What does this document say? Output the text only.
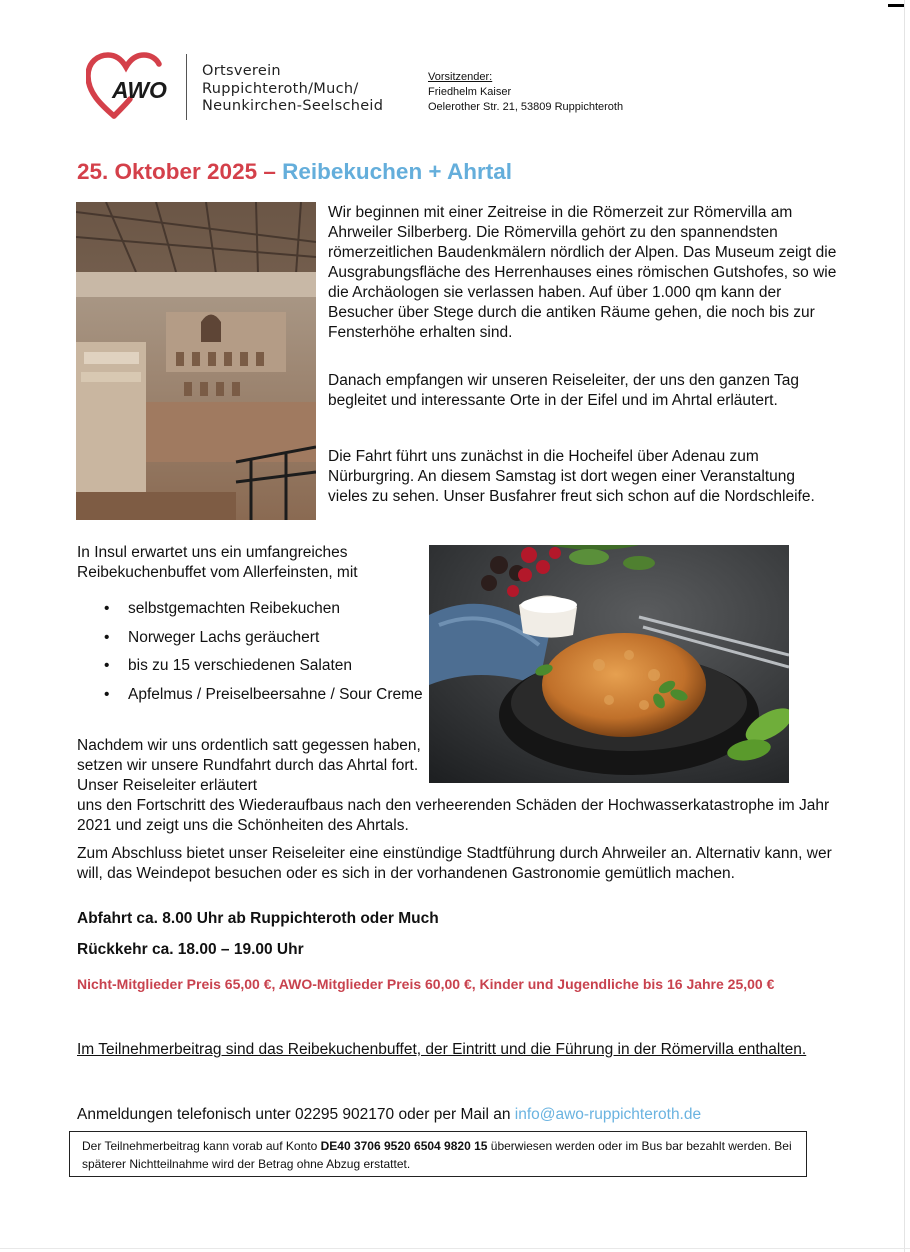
AWO
Ortsverein
Ruppichteroth/Much/
Neunkirchen-Seelscheid
Vorsitzender:
Friedhelm Kaiser
Oelerother Str. 21, 53809 Ruppichteroth
25. Oktober 2025 – Reibekuchen + Ahrtal

Wir beginnen mit einer Zeitreise in die Römerzeit zur Römervilla am Ahrweiler Silberberg. Die Römervilla gehört zu den spannendsten römerzeitlichen Baudenkmälern nördlich der Alpen. Das Museum zeigt die Ausgrabungsfläche des Herrenhauses eines römischen Gutshofes, so wie die Archäologen sie verlassen haben. Auf über 1.000 qm kann der Besucher über Stege durch die antiken Räume gehen, die noch bis zur Fensterhöhe erhalten sind.

Danach empfangen wir unseren Reiseleiter, der uns den ganzen Tag begleitet und interessante Orte in der Eifel und im Ahrtal erläutert.

Die Fahrt führt uns zunächst in die Hocheifel über Adenau zum Nürburgring. An diesem Samstag ist dort wegen einer Veranstaltung vieles zu sehen. Unser Busfahrer freut sich schon auf die Nordschleife.

In Insul erwartet uns ein umfangreiches Reibekuchenbuffet vom Allerfeinsten, mit

• selbstgemachten Reibekuchen
• Norweger Lachs geräuchert
• bis zu 15 verschiedenen Salaten
• Apfelmus / Preiselbeersahne / Sour Creme

Nachdem wir uns ordentlich satt gegessen haben, setzen wir unsere Rundfahrt durch das Ahrtal fort. Unser Reiseleiter erläutert

uns den Fortschritt des Wiederaufbaus nach den verheerenden Schäden der Hochwasserkatastrophe im Jahr 2021 und zeigt uns die Schönheiten des Ahrtals.

Zum Abschluss bietet unser Reiseleiter eine einstündige Stadtführung durch Ahrweiler an. Alternativ kann, wer will, das Weindepot besuchen oder es sich in der vorhandenen Gastronomie gemütlich machen.

Abfahrt ca. 8.00 Uhr ab Ruppichteroth oder Much
Rückkehr ca. 18.00 – 19.00 Uhr
Nicht-Mitglieder Preis 65,00 €, AWO-Mitglieder Preis 60,00 €, Kinder und Jugendliche bis 16 Jahre 25,00 €
Im Teilnehmerbeitrag sind das Reibekuchenbuffet, der Eintritt und die Führung in der Römervilla enthalten.
Anmeldungen telefonisch unter 02295 902170 oder per Mail an info@awo-ruppichteroth.de
Der Teilnehmerbeitrag kann vorab auf Konto DE40 3706 9520 6504 9820 15 überwiesen werden oder im Bus bar bezahlt werden. Bei späterer Nichtteilnahme wird der Betrag ohne Abzug erstattet.
